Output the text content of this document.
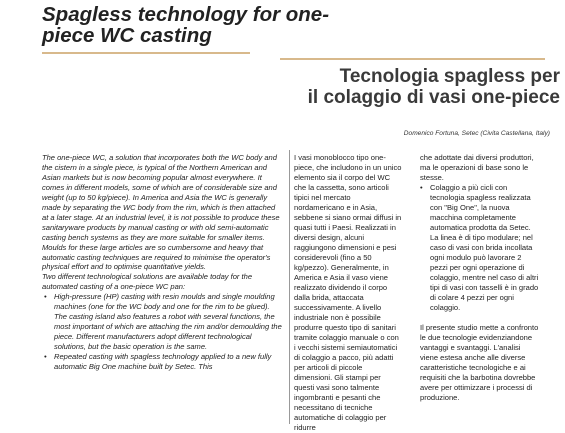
Spagless technology for one-piece WC casting
Tecnologia spagless per
il colaggio di vasi one-piece
Domenico Fortuna, Setec (Civita Castellana, Italy)

The one-piece WC, a solution that incorporates both the WC body and the cistern in a single piece, is typical of the Northern American and Asian markets but is now becoming popular almost everywhere. It comes in different models, some of which are of considerable size and weight (up to 50 kg/piece). In America and Asia the WC is generally made by separating the WC body from the rim, which is then attached at a later stage. At an industrial level, it is not possible to produce these sanitaryware products by manual casting or with old semi-automatic casting bench systems as they are more suitable for smaller items. Moulds for these large articles are so cumbersome and heavy that automatic casting techniques are required to minimise the operator's physical effort and to optimise quantitative yields.

Two different technological solutions are available today for the automated casting of a one-piece WC pan:

• High-pressure (HP) casting with resin moulds and single moulding machines (one for the WC body and one for the rim to be glued). The casting island also features a robot with several functions, the most important of which are attaching the rim and/or demoulding the piece. Different manufacturers adopt different technological solutions, but the basic operation is the same.
• Repeated casting with spagless technology applied to a new fully automatic Big One machine built by Setec. This
I vasi monoblocco tipo one-piece, che includono in un unico elemento sia il corpo del WC che la cassetta, sono articoli tipici nel mercato nordamericano e in Asia, sebbene si siano ormai diffusi in quasi tutti i Paesi. Realizzati in diversi design, alcuni raggiungono dimensioni e pesi considerevoli (fino a 50 kg/pezzo). Generalmente, in America e Asia il vaso viene realizzato dividendo il corpo dalla brida, attaccata successivamente. A livello industriale non è possibile produrre questo tipo di sanitari tramite colaggio manuale o con i vecchi sistemi semiautomatici di colaggio a pacco, più adatti per articoli di piccole dimensioni. Gli stampi per questi vasi sono talmente ingombranti e pesanti che necessitano di tecniche automatiche di colaggio per ridurre
che adottate dai diversi produttori, ma le operazioni di base sono le stesse.
• Colaggio a più cicli con tecnologia spagless realizzata con "Big One", la nuova macchina completamente automatica prodotta da Setec. La linea è di tipo modulare; nel caso di vasi con brida incollata ogni modulo può lavorare 2 pezzi per ogni operazione di colaggio, mentre nel caso di altri tipi di vasi con tasselli è in grado di colare 4 pezzi per ogni colaggio.
Il presente studio mette a confronto le due tecnologie evidenziandone vantaggi e svantaggi. L'analisi viene estesa anche alle diverse caratteristiche tecnologiche e ai requisiti che la barbotina dovrebbe avere per ottimizzare i processi di produzione.
